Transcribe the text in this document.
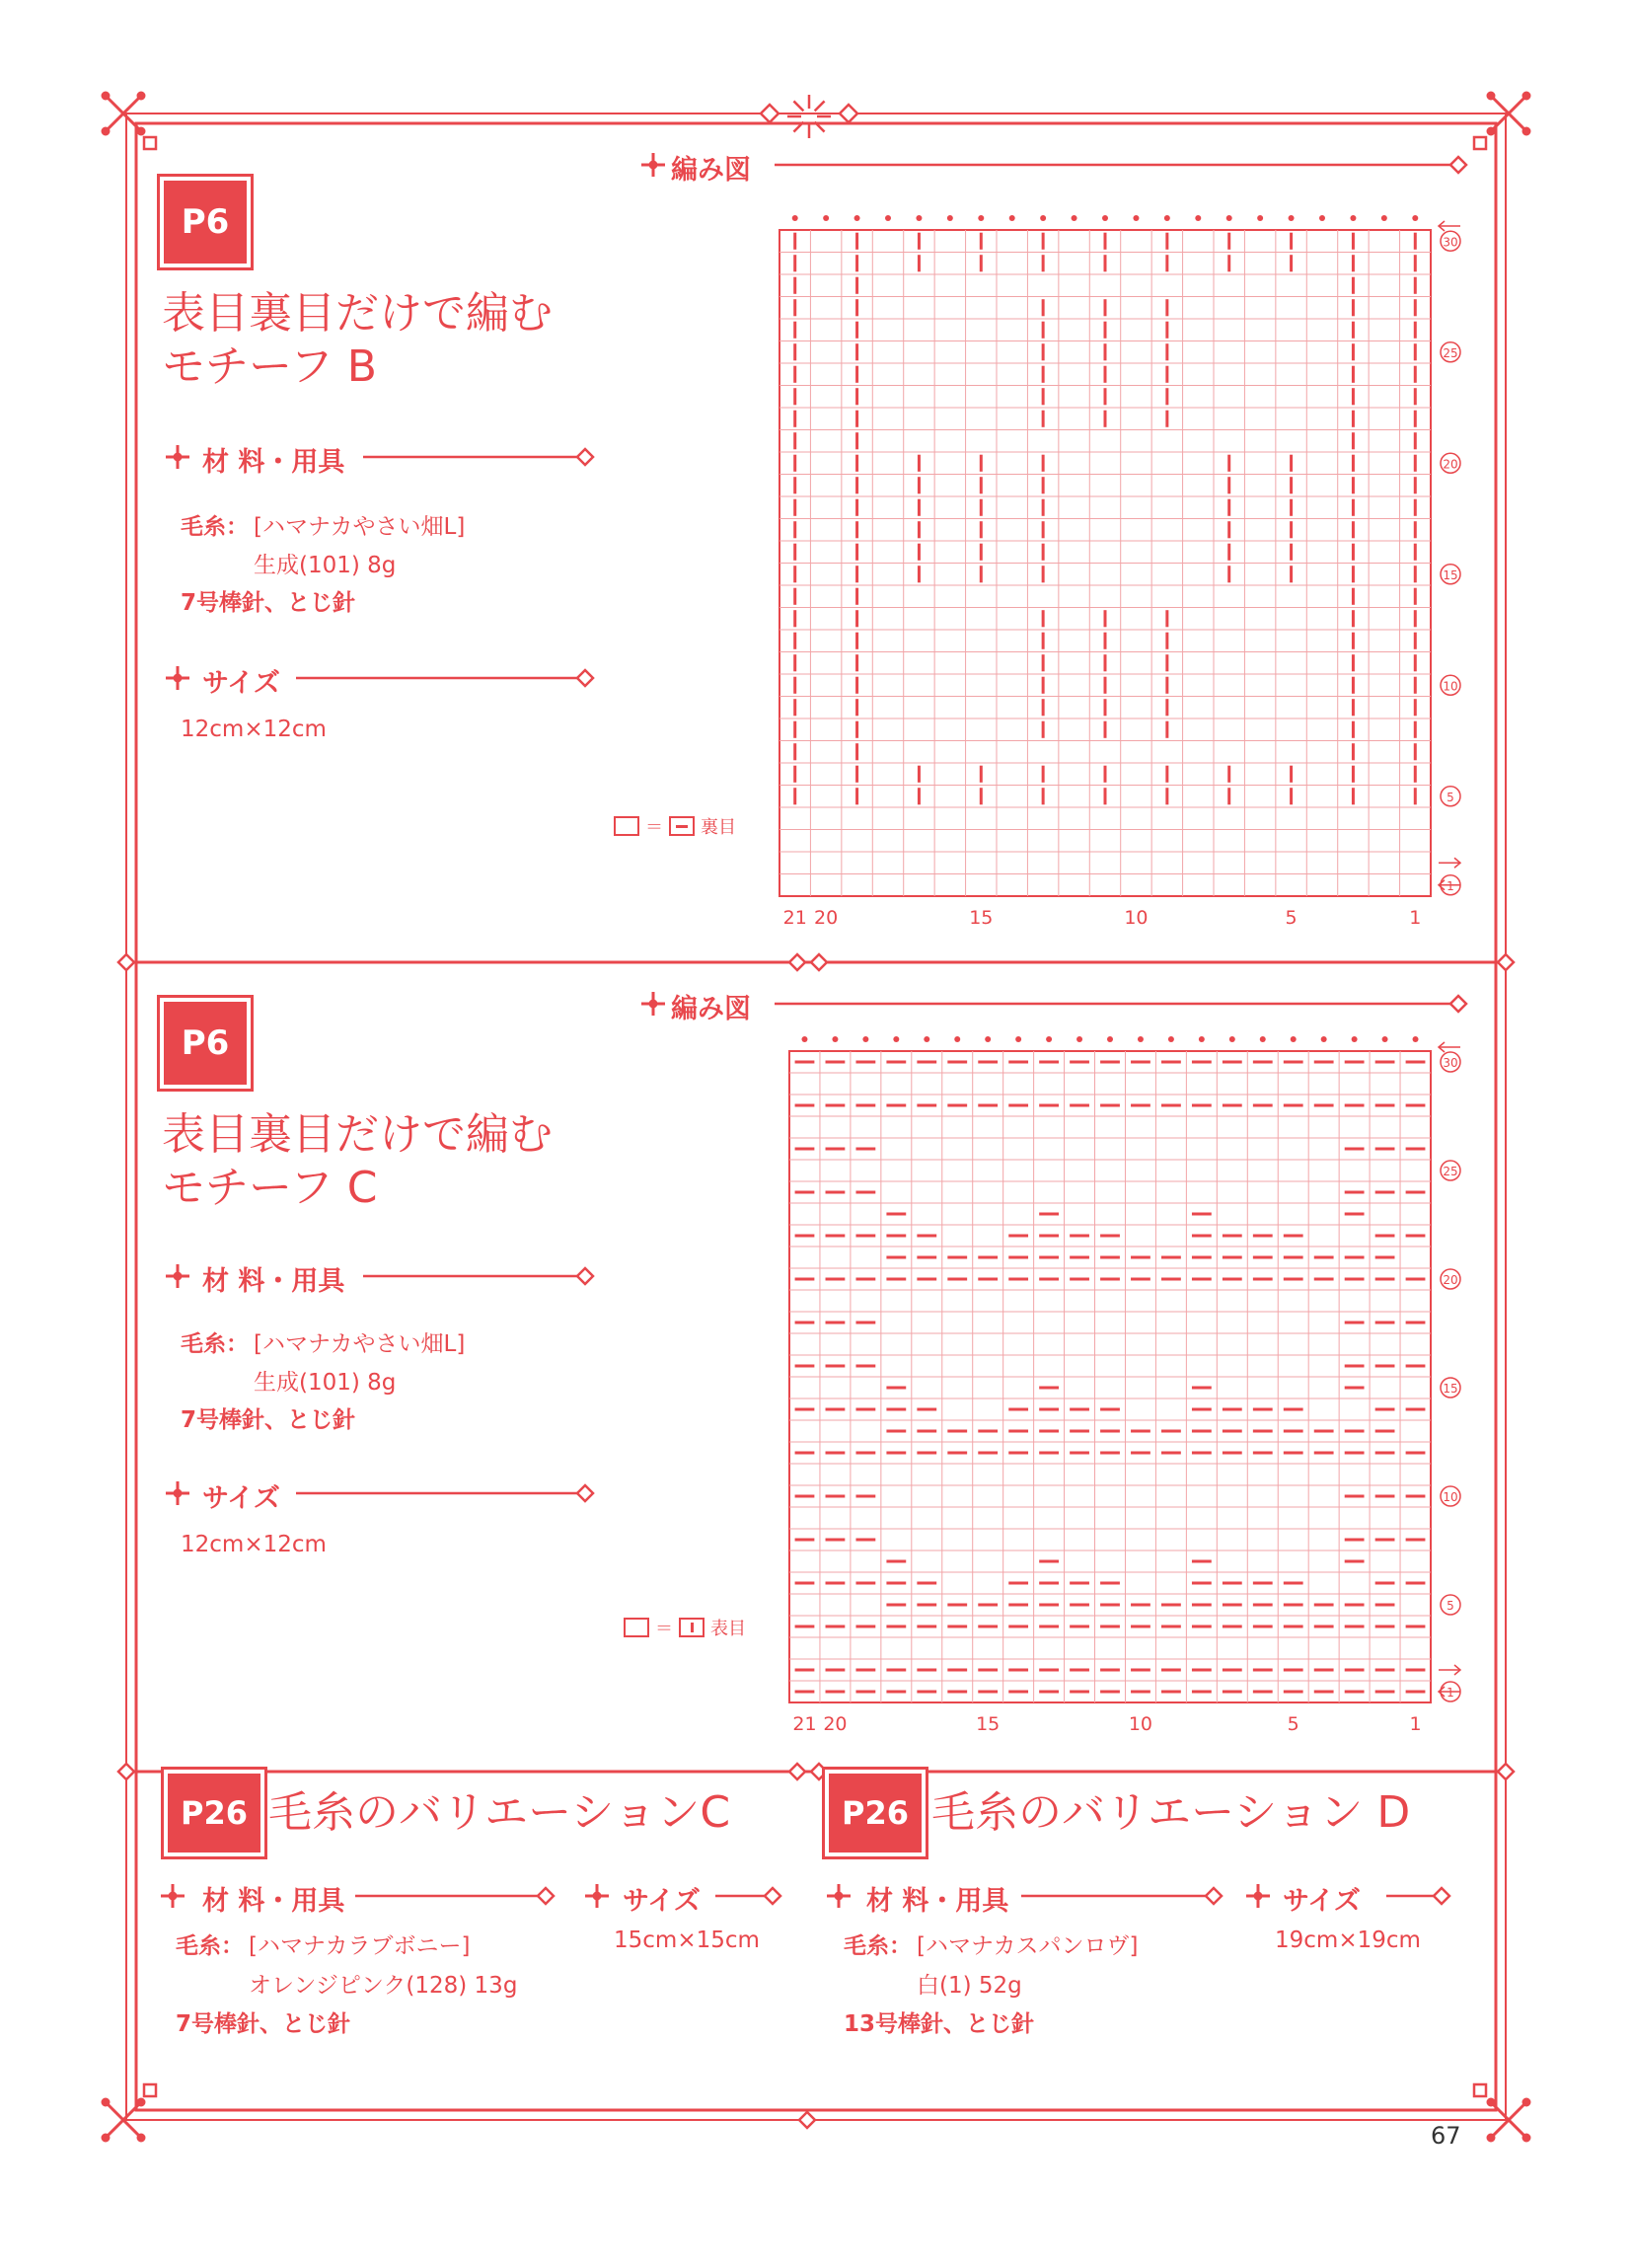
21 20	15	10	5	1
30
25
20
15
10
5
1
21 20	15	10	5	1
30
25
20
15
10
5
1
P6
表目裏目だけで編む
モチーフ B
編み図
材 料・用具
毛糸： [ハマナカやさい畑L]
生成(101) 8g
7号棒針、とじ針
サイズ
12cm×12cm
＝ 裏目
P6
表目裏目だけで編む
モチーフ C
編み図
材 料・用具
毛糸： [ハマナカやさい畑L]
生成(101) 8g
7号棒針、とじ針
サイズ
12cm×12cm
＝ 表目
P26 毛糸のバリエーションC
材 料・用具
毛糸： [ハマナカラブボニー]
オレンジピンク(128) 13g
7号棒針、とじ針
サイズ
15cm×15cm
P26 毛糸のバリエーション D
材 料・用具
毛糸： [ハマナカスパンロヴ]
白(1) 52g
13号棒針、とじ針
サイズ
19cm×19cm
67
